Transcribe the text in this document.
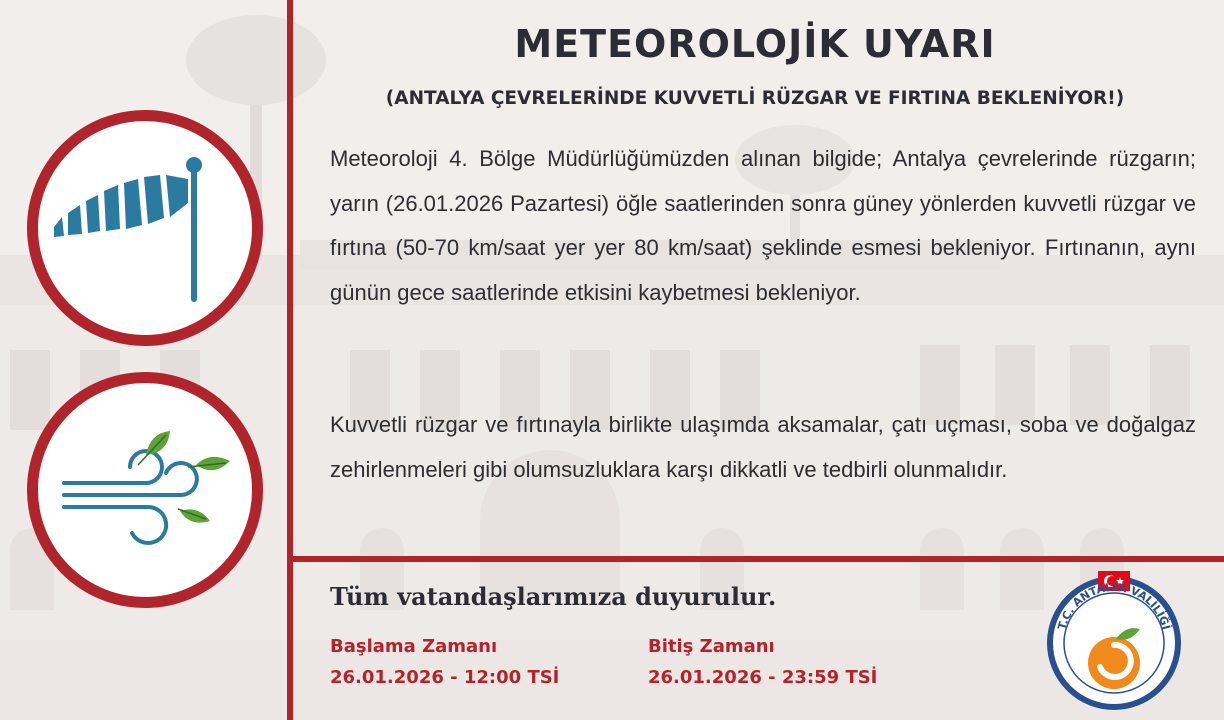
METEOROLOJİK UYARI
(ANTALYA ÇEVRELERİNDE KUVVETLİ RÜZGAR VE FIRTINA BEKLENİYOR!)
Meteoroloji 4. Bölge Müdürlüğümüzden alınan bilgide; Antalya çevrelerinde rüzgarın; yarın (26.01.2026 Pazartesi) öğle saatlerinden sonra güney yönlerden kuvvetli rüzgar ve fırtına (50-70 km/saat yer yer 80 km/saat) şeklinde esmesi bekleniyor. Fırtınanın, aynı günün gece saatlerinde etkisini kaybetmesi bekleniyor.
Kuvvetli rüzgar ve fırtınayla birlikte ulaşımda aksamalar, çatı uçması, soba ve doğalgaz zehirlenmeleri gibi olumsuzluklara karşı dikkatli ve tedbirli olunmalıdır.
Tüm vatandaşlarımıza duyurulur.
Başlama Zamanı
26.01.2026 - 12:00 TSİ
Bitiş Zamanı
26.01.2026 - 23:59 TSİ
T.C. ANTALYA VALİLİĞİ
